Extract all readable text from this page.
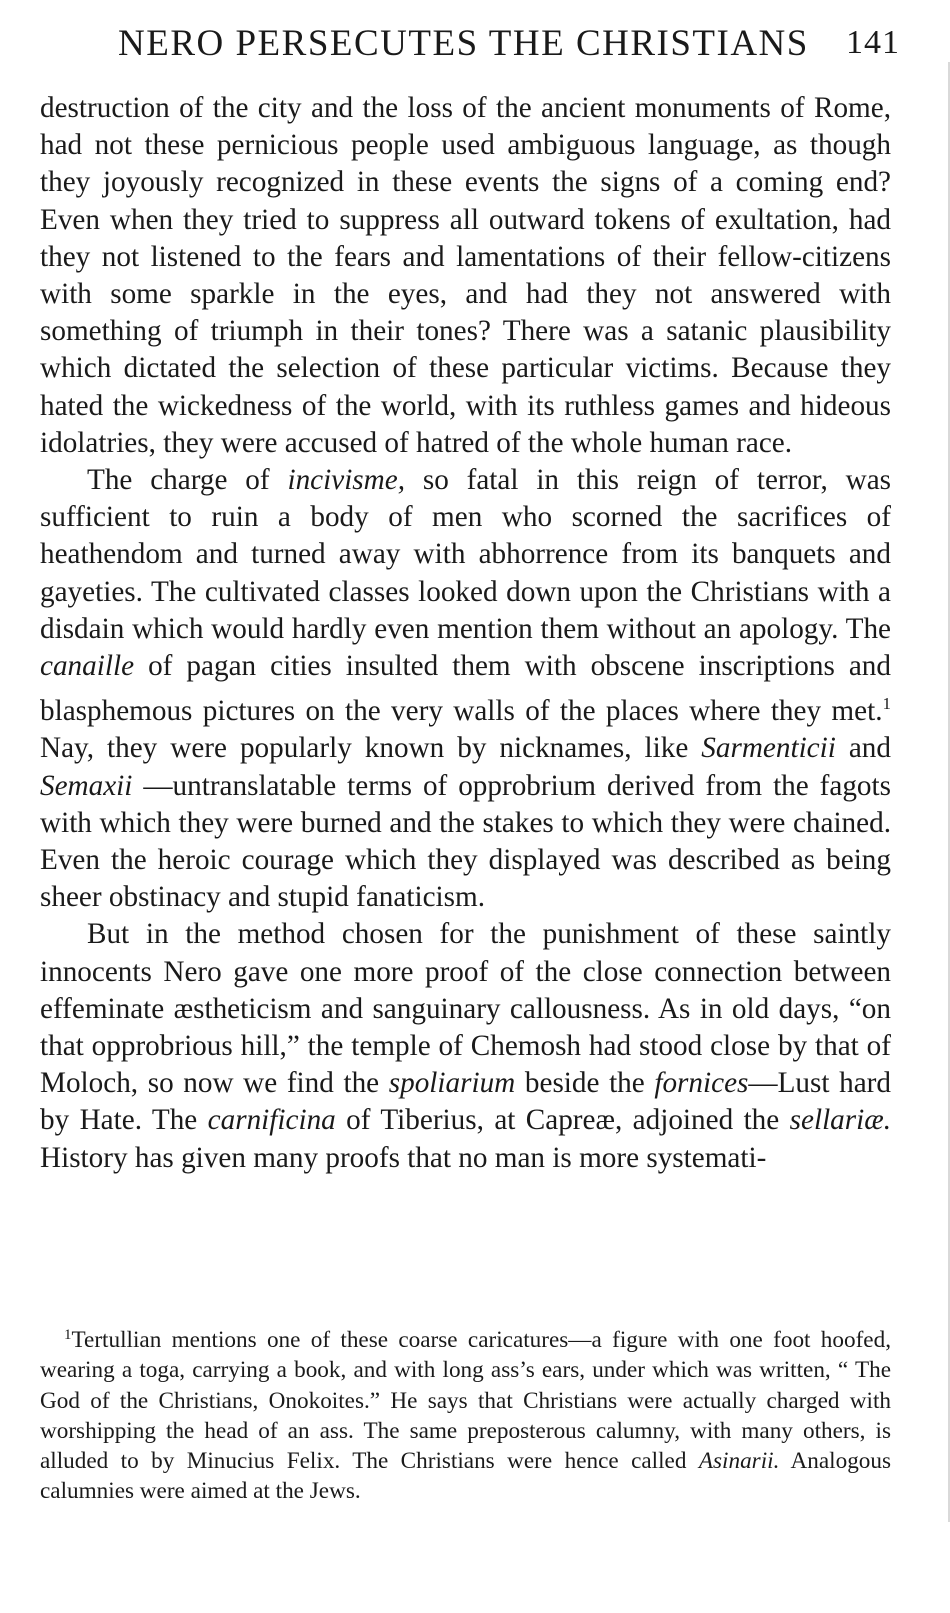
NERO PERSECUTES THE CHRISTIANS 141

destruction of the city and the loss of the ancient monuments of Rome, had not these pernicious people used ambiguous language, as though they joyously recognized in these events the signs of a coming end? Even when they tried to suppress all outward tokens of exultation, had they not listened to the fears and lamentations of their fellow-citizens with some sparkle in the eyes, and had they not answered with something of triumph in their tones? There was a satanic plausibility which dictated the selection of these particular victims. Because they hated the wickedness of the world, with its ruthless games and hideous idolatries, they were accused of hatred of the whole human race.

The charge of incivisme, so fatal in this reign of terror, was sufficient to ruin a body of men who scorned the sacrifices of heathendom and turned away with abhorrence from its banquets and gayeties. The cultivated classes looked down upon the Christians with a disdain which would hardly even mention them without an apology. The canaille of pagan cities insulted them with obscene inscriptions and blasphemous pictures on the very walls of the places where they met.$^1$ Nay, they were popularly known by nicknames, like Sarmenticii and Semaxii —untranslatable terms of opprobrium derived from the fagots with which they were burned and the stakes to which they were chained. Even the heroic courage which they displayed was described as being sheer obstinacy and stupid fanaticism.

But in the method chosen for the punishment of these saintly innocents Nero gave one more proof of the close connection between effeminate æstheticism and sanguinary callousness. As in old days, “on that opprobrious hill,” the temple of Chemosh had stood close by that of Moloch, so now we find the spoliarium beside the fornices—Lust hard by Hate. The carnificina of Tiberius, at Capreæ, adjoined the sellariæ. History has given many proofs that no man is more systemati-

$^1$Tertullian mentions one of these coarse caricatures—a figure with one foot hoofed, wearing a toga, carrying a book, and with long ass’s ears, under which was written, “ The God of the Christians, Onokoites.” He says that Christians were actually charged with worshipping the head of an ass. The same preposterous calumny, with many others, is alluded to by Minucius Felix. The Christians were hence called Asinarii. Analogous calumnies were aimed at the Jews.
